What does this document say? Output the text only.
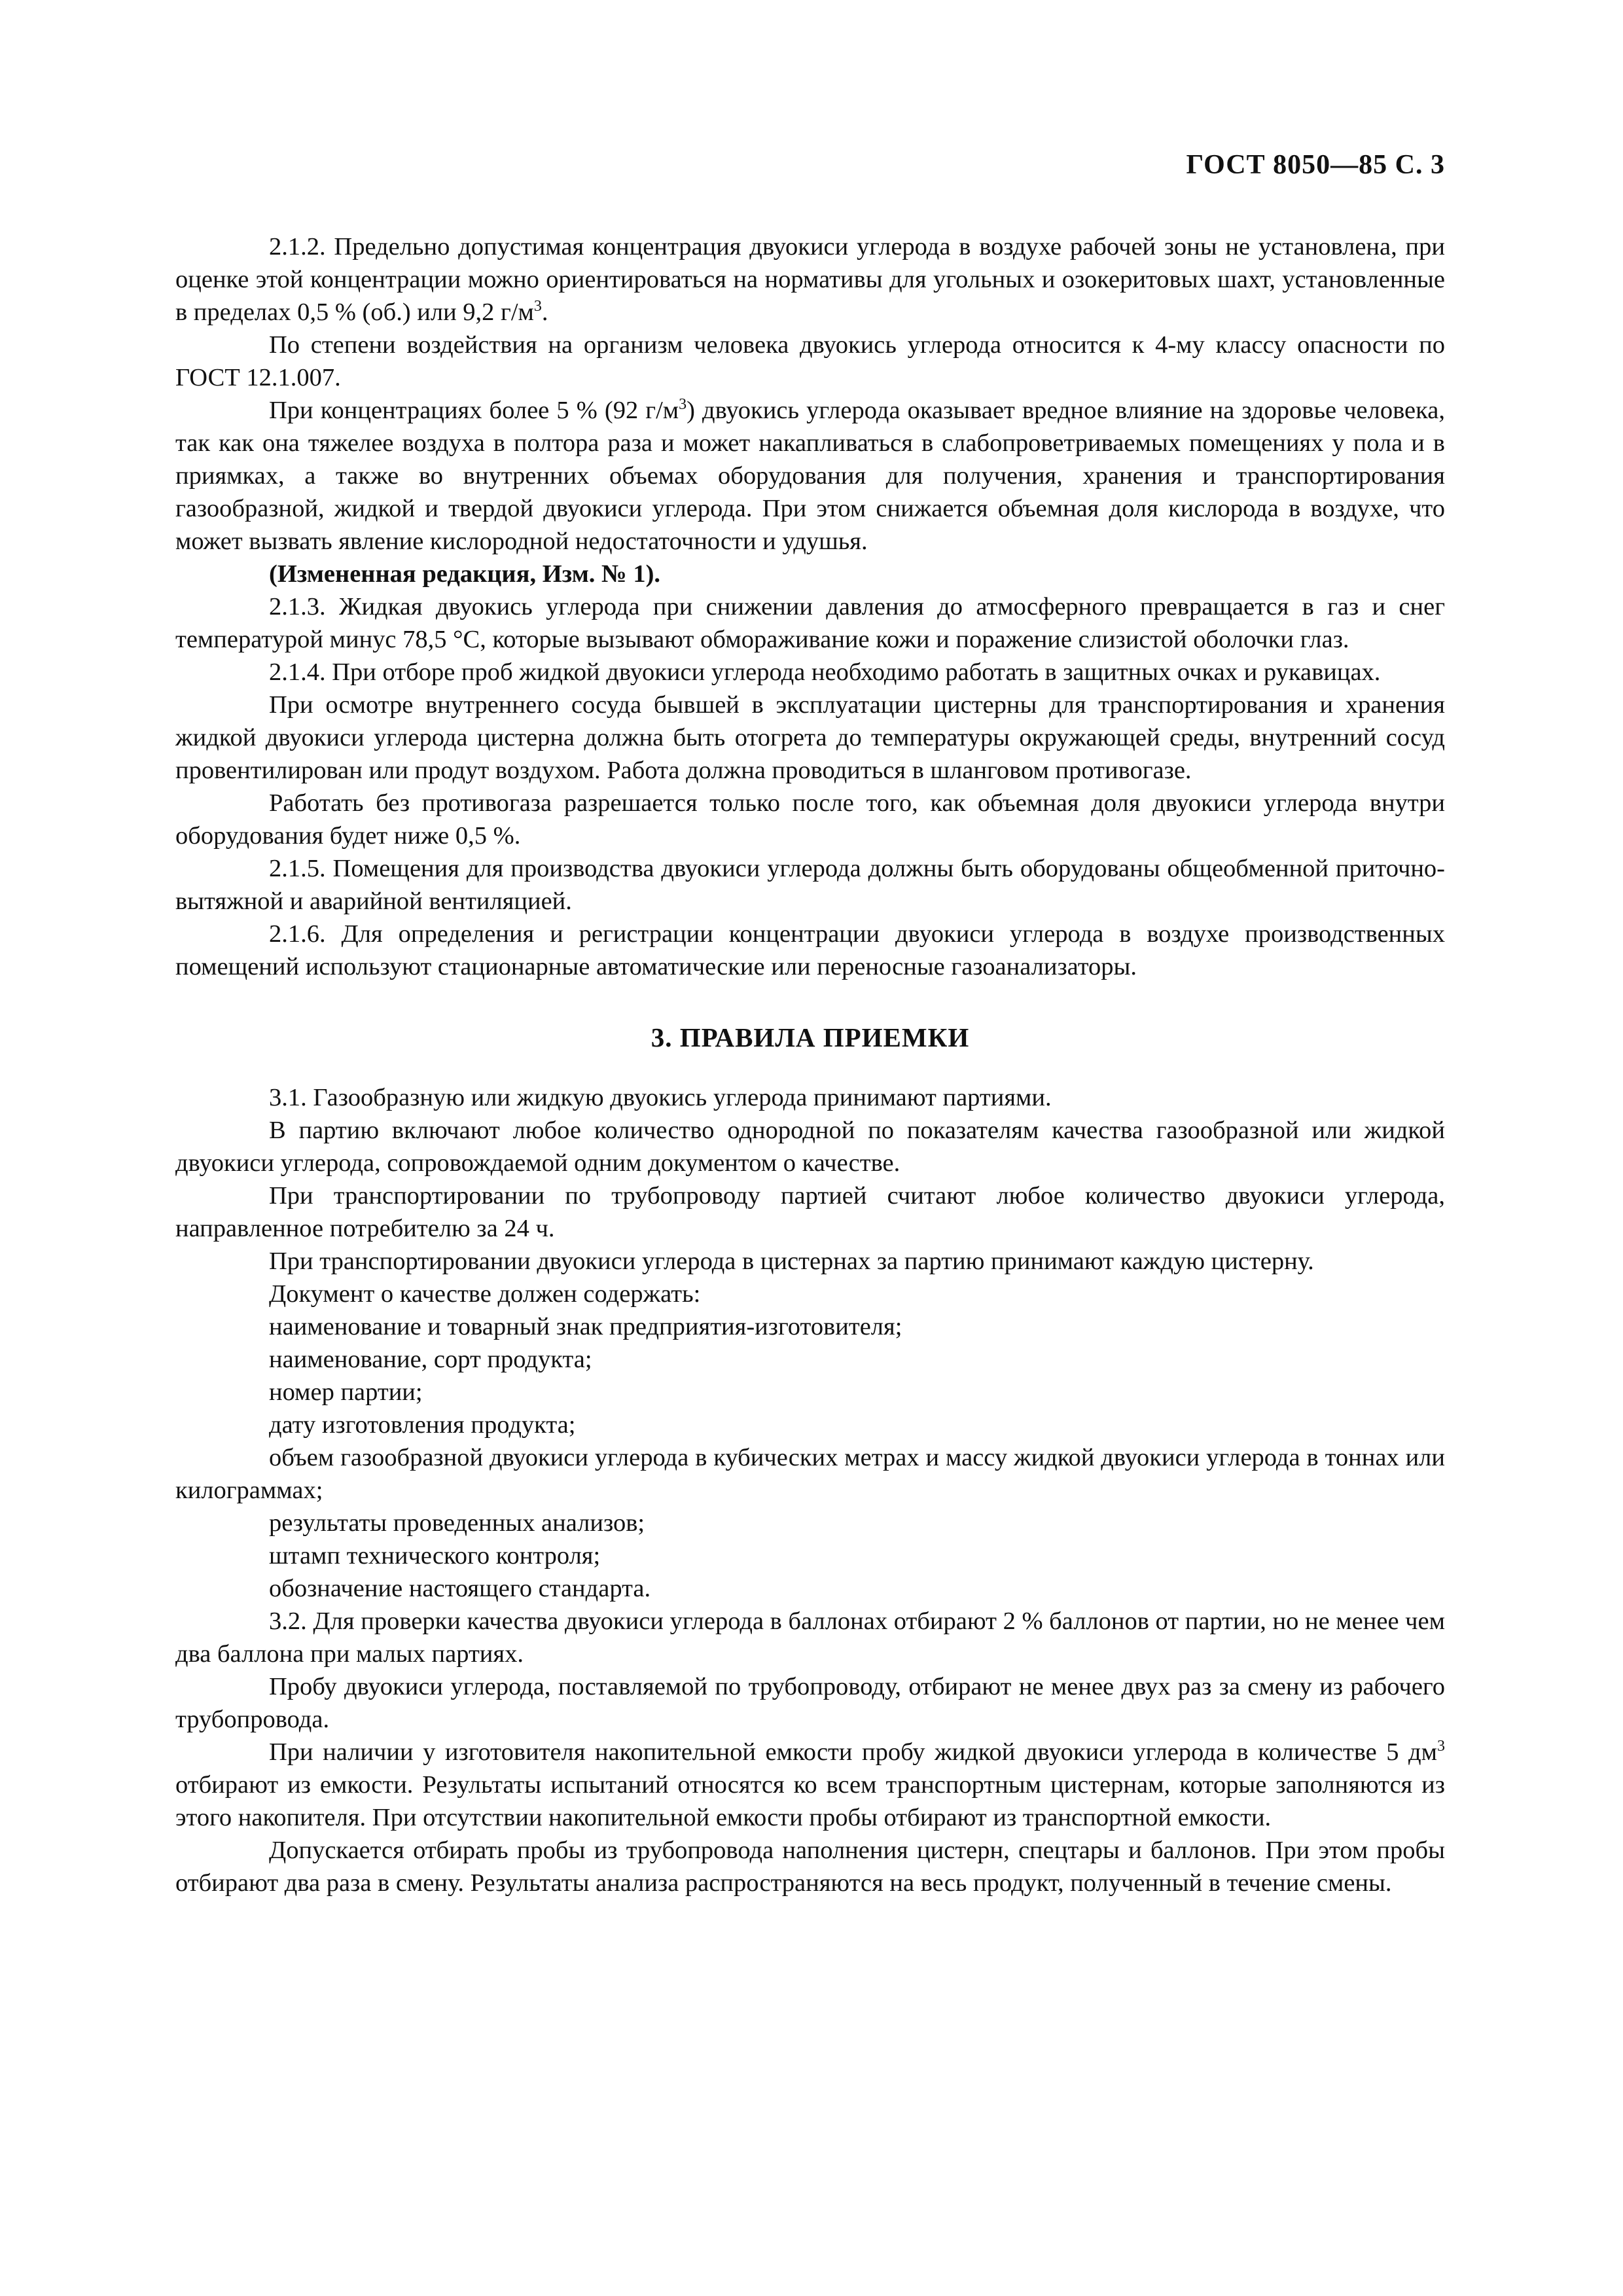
ГОСТ 8050—85 С. 3

2.1.2. Предельно допустимая концентрация двуокиси углерода в воздухе рабочей зоны не установлена, при оценке этой концентрации можно ориентироваться на нормативы для угольных и озокеритовых шахт, установленные в пределах 0,5 % (об.) или 9,2 $г/м^3$.

По степени воздействия на организм человека двуокись углерода относится к 4-му классу опасности по ГОСТ 12.1.007.

При концентрациях более 5 % (92 $г/м^3$) двуокись углерода оказывает вредное влияние на здоровье человека, так как она тяжелее воздуха в полтора раза и может накапливаться в слабопроветриваемых помещениях у пола и в приямках, а также во внутренних объемах оборудования для получения, хранения и транспортирования газообразной, жидкой и твердой двуокиси углерода. При этом снижается объемная доля кислорода в воздухе, что может вызвать явление кислородной недостаточности и удушья.

(Измененная редакция, Изм. № 1).

2.1.3. Жидкая двуокись углерода при снижении давления до атмосферного превращается в газ и снег температурой минус 78,5 °С, которые вызывают обмораживание кожи и поражение слизистой оболочки глаз.

2.1.4. При отборе проб жидкой двуокиси углерода необходимо работать в защитных очках и рукавицах.

При осмотре внутреннего сосуда бывшей в эксплуатации цистерны для транспортирования и хранения жидкой двуокиси углерода цистерна должна быть отогрета до температуры окружающей среды, внутренний сосуд провентилирован или продут воздухом. Работа должна проводиться в шланговом противогазе.

Работать без противогаза разрешается только после того, как объемная доля двуокиси углерода внутри оборудования будет ниже 0,5 %.

2.1.5. Помещения для производства двуокиси углерода должны быть оборудованы общеобменной приточно-вытяжной и аварийной вентиляцией.

2.1.6. Для определения и регистрации концентрации двуокиси углерода в воздухе производственных помещений используют стационарные автоматические или переносные газоанализаторы.

3. ПРАВИЛА ПРИЕМКИ

3.1. Газообразную или жидкую двуокись углерода принимают партиями.

В партию включают любое количество однородной по показателям качества газообразной или жидкой двуокиси углерода, сопровождаемой одним документом о качестве.

При транспортировании по трубопроводу партией считают любое количество двуокиси углерода, направленное потребителю за 24 ч.

При транспортировании двуокиси углерода в цистернах за партию принимают каждую цистерну.

Документ о качестве должен содержать:

наименование и товарный знак предприятия-изготовителя;

наименование, сорт продукта;

номер партии;

дату изготовления продукта;

объем газообразной двуокиси углерода в кубических метрах и массу жидкой двуокиси углерода в тоннах или килограммах;

результаты проведенных анализов;

штамп технического контроля;

обозначение настоящего стандарта.

3.2. Для проверки качества двуокиси углерода в баллонах отбирают 2 % баллонов от партии, но не менее чем два баллона при малых партиях.

Пробу двуокиси углерода, поставляемой по трубопроводу, отбирают не менее двух раз за смену из рабочего трубопровода.

При наличии у изготовителя накопительной емкости пробу жидкой двуокиси углерода в количестве 5 $дм^3$ отбирают из емкости. Результаты испытаний относятся ко всем транспортным цистернам, которые заполняются из этого накопителя. При отсутствии накопительной емкости пробы отбирают из транспортной емкости.

Допускается отбирать пробы из трубопровода наполнения цистерн, спецтары и баллонов. При этом пробы отбирают два раза в смену. Результаты анализа распространяются на весь продукт, полученный в течение смены.
